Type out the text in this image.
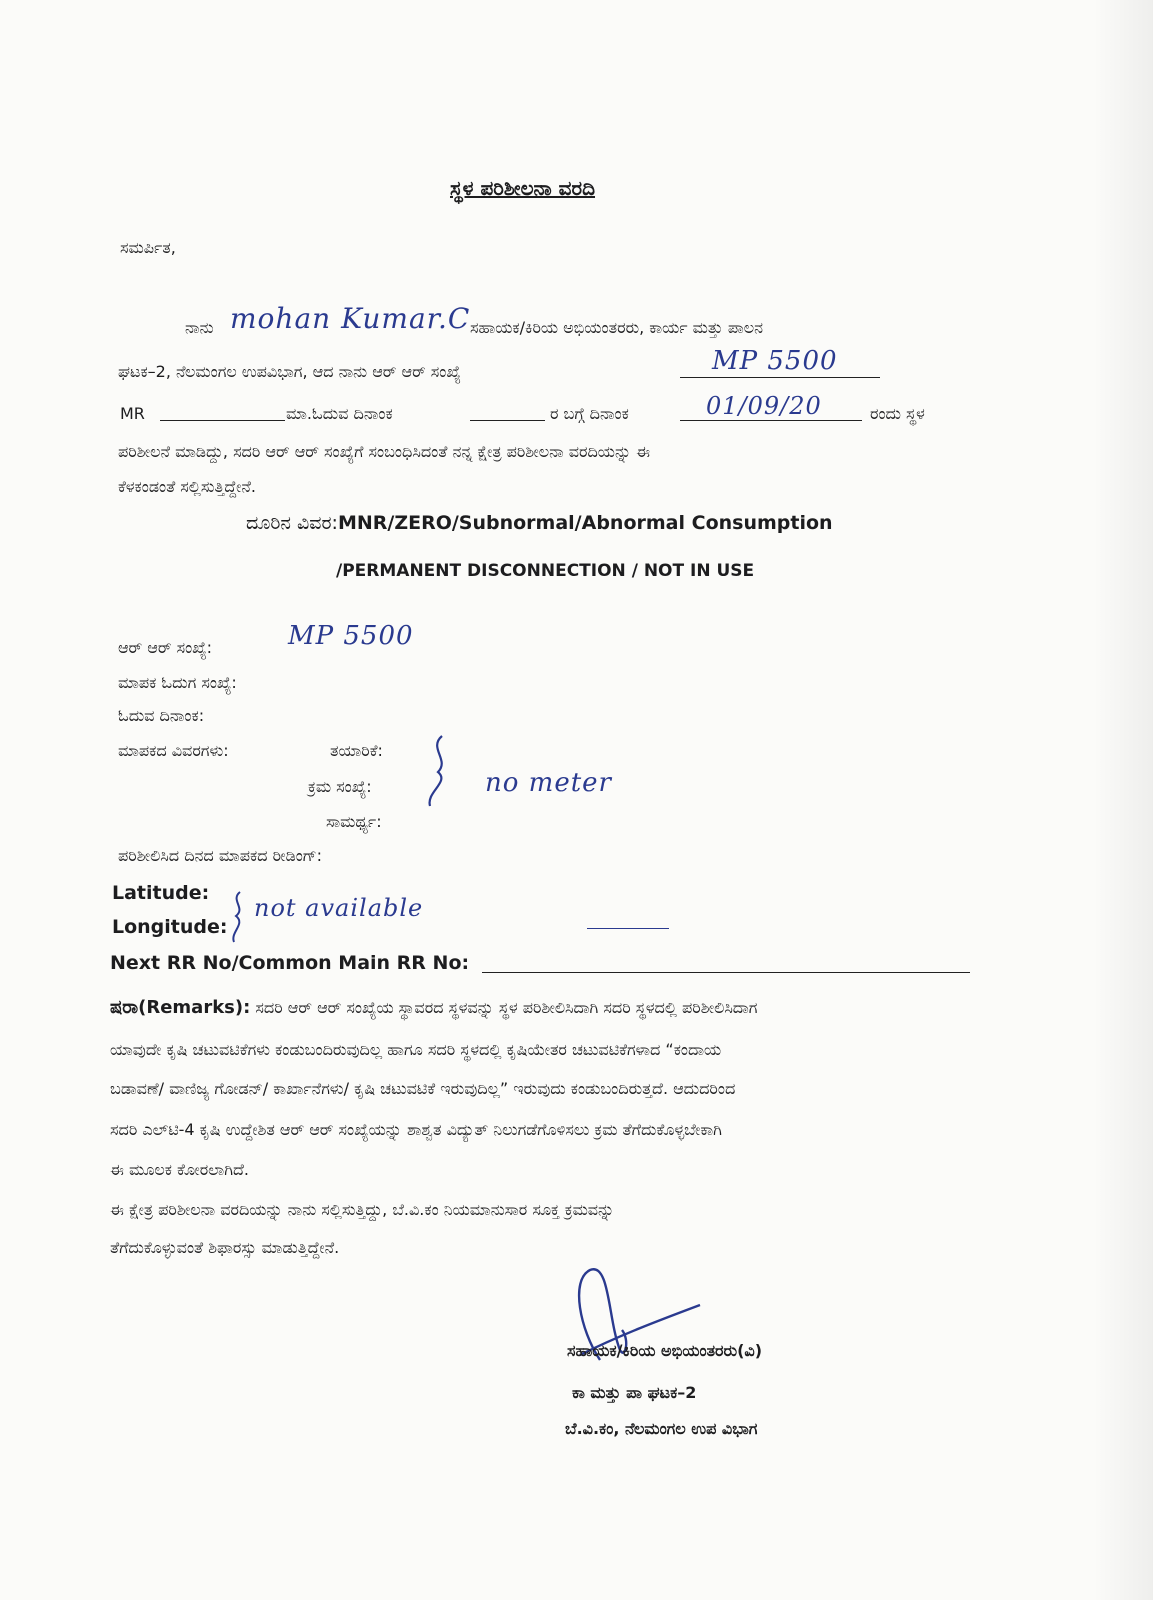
ಸ್ಥಳ ಪರಿಶೀಲನಾ ವರದಿ
ಸಮರ್ಪಿತ,
ನಾನು mohan Kumar.C ಸಹಾಯಕ/ಕಿರಿಯ ಅಭಿಯಂತರರು, ಕಾರ್ಯ ಮತ್ತು ಪಾಲನ
ಘಟಕ–2, ನೆಲಮಂಗಲ ಉಪವಿಭಾಗ, ಆದ ನಾನು ಆರ್ ಆರ್ ಸಂಖ್ಯೆ	MP 5500
MR	ಮಾ.ಓದುವ ದಿನಾಂಕ	ರ ಬಗ್ಗೆ ದಿನಾಂಕ	01/09/20	ರಂದು ಸ್ಥಳ
ಪರಿಶೀಲನೆ ಮಾಡಿದ್ದು, ಸದರಿ ಆರ್ ಆರ್ ಸಂಖ್ಯೆಗೆ ಸಂಬಂಧಿಸಿದಂತೆ ನನ್ನ ಕ್ಷೇತ್ರ ಪರಿಶೀಲನಾ ವರದಿಯನ್ನು ಈ
ಕೆಳಕಂಡಂತೆ ಸಲ್ಲಿಸುತ್ತಿದ್ದೇನೆ.
ದೂರಿನ ವಿವರ:MNR/ZERO/Subnormal/Abnormal Consumption
/PERMANENT DISCONNECTION / NOT IN USE
ಆರ್ ಆರ್ ಸಂಖ್ಯೆ:	MP 5500
ಮಾಪಕ ಓದುಗ ಸಂಖ್ಯೆ:
ಓದುವ ದಿನಾಂಕ:
ಮಾಪಕದ ವಿವರಗಳು:	ತಯಾರಿಕೆ:
ಕ್ರಮ ಸಂಖ್ಯೆ:
ಸಾಮರ್ಥ್ಯ:
no meter
ಪರಿಶೀಲಿಸಿದ ದಿನದ ಮಾಪಕದ ರೀಡಿಂಗ್:
Latitude:
Longitude:
not available
Next RR No/Common Main RR No:
ಷರಾ(Remarks): ಸದರಿ ಆರ್ ಆರ್ ಸಂಖ್ಯೆಯ ಸ್ಥಾವರದ ಸ್ಥಳವನ್ನು ಸ್ಥಳ ಪರಿಶೀಲಿಸಿದಾಗಿ ಸದರಿ ಸ್ಥಳದಲ್ಲಿ ಪರಿಶೀಲಿಸಿದಾಗ
ಯಾವುದೇ ಕೃಷಿ ಚಟುವಟಿಕೆಗಳು ಕಂಡುಬಂದಿರುವುದಿಲ್ಲ ಹಾಗೂ ಸದರಿ ಸ್ಥಳದಲ್ಲಿ ಕೃಷಿಯೇತರ ಚಟುವಟಿಕೆಗಳಾದ “ಕಂದಾಯ
ಬಡಾವಣೆ/ ವಾಣಿಜ್ಯ ಗೋಡನ್/ ಕಾರ್ಖಾನೆಗಳು/ ಕೃಷಿ ಚಟುವಟಿಕೆ ಇರುವುದಿಲ್ಲ” ಇರುವುದು ಕಂಡುಬಂದಿರುತ್ತದೆ. ಆದುದರಿಂದ
ಸದರಿ ಎಲ್‌ಟಿ-4 ಕೃಷಿ ಉದ್ದೇಶಿತ ಆರ್ ಆರ್ ಸಂಖ್ಯೆಯನ್ನು ಶಾಶ್ವತ ವಿದ್ಯುತ್ ನಿಲುಗಡೆಗೊಳಿಸಲು ಕ್ರಮ ತೆಗೆದುಕೊಳ್ಳಬೇಕಾಗಿ
ಈ ಮೂಲಕ ಕೋರಲಾಗಿದೆ.
ಈ ಕ್ಷೇತ್ರ ಪರಿಶೀಲನಾ ವರದಿಯನ್ನು ನಾನು ಸಲ್ಲಿಸುತ್ತಿದ್ದು, ಬೆ.ವಿ.ಕಂ ನಿಯಮಾನುಸಾರ ಸೂಕ್ತ ಕ್ರಮವನ್ನು
ತೆಗೆದುಕೊಳ್ಳುವಂತೆ ಶಿಫಾರಸ್ಸು ಮಾಡುತ್ತಿದ್ದೇನೆ.
ಸಹಾಯಕ/ಕಿರಿಯ ಅಭಿಯಂತರರು(ವಿ)
ಕಾ ಮತ್ತು ಪಾ ಘಟಕ–2
ಬೆ.ವಿ.ಕಂ, ನೆಲಮಂಗಲ ಉಪ ವಿಭಾಗ
